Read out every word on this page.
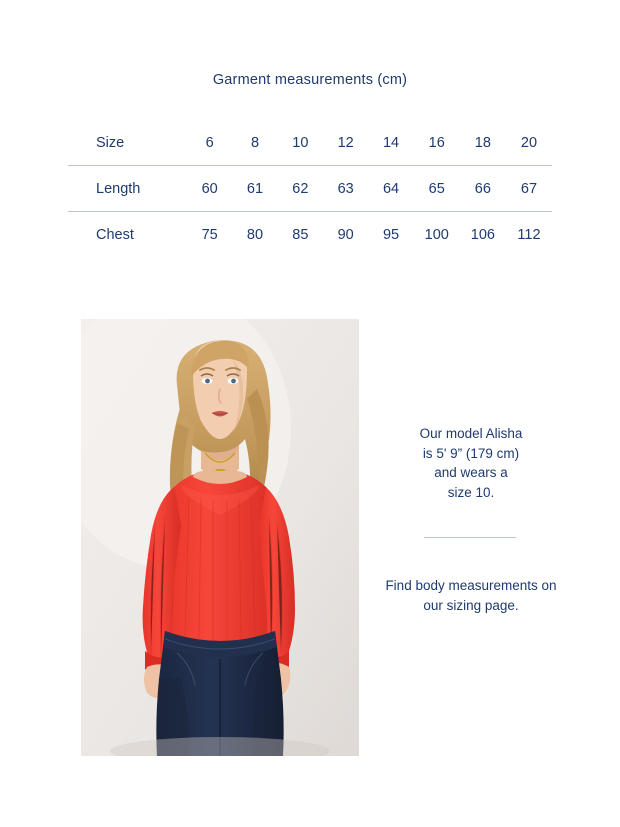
Garment measurements (cm)
Size	6	8	10	12	14	16	18	20
Length	60	61	62	63	64	65	66	67
Chest	75	80	85	90	95	100	106	112
Our model Alisha
is 5' 9” (179 cm)
and wears a
size 10.
Find body measurements on our sizing page.
